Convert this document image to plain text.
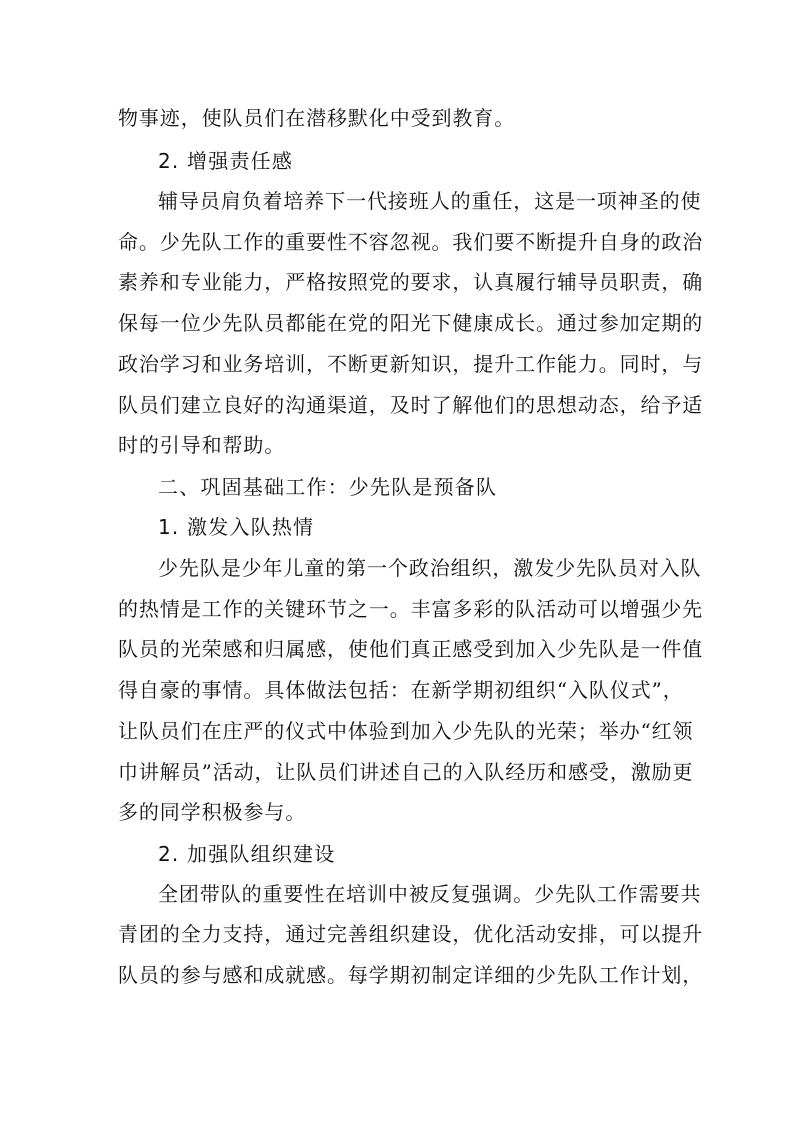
物事迹，使队员们在潜移默化中受到教育。
2. 增强责任感
辅导员肩负着培养下一代接班人的重任，这是一项神圣的使
命。少先队工作的重要性不容忽视。我们要不断提升自身的政治
素养和专业能力，严格按照党的要求，认真履行辅导员职责，确
保每一位少先队员都能在党的阳光下健康成长。通过参加定期的
政治学习和业务培训，不断更新知识，提升工作能力。同时，与
队员们建立良好的沟通渠道，及时了解他们的思想动态，给予适
时的引导和帮助。
二、巩固基础工作：少先队是预备队
1. 激发入队热情
少先队是少年儿童的第一个政治组织，激发少先队员对入队
的热情是工作的关键环节之一。丰富多彩的队活动可以增强少先
队员的光荣感和归属感，使他们真正感受到加入少先队是一件值
得自豪的事情。具体做法包括：在新学期初组织“入队仪式”，
让队员们在庄严的仪式中体验到加入少先队的光荣；举办“红领
巾讲解员”活动，让队员们讲述自己的入队经历和感受，激励更
多的同学积极参与。
2. 加强队组织建设
全团带队的重要性在培训中被反复强调。少先队工作需要共
青团的全力支持，通过完善组织建设，优化活动安排，可以提升
队员的参与感和成就感。每学期初制定详细的少先队工作计划，
